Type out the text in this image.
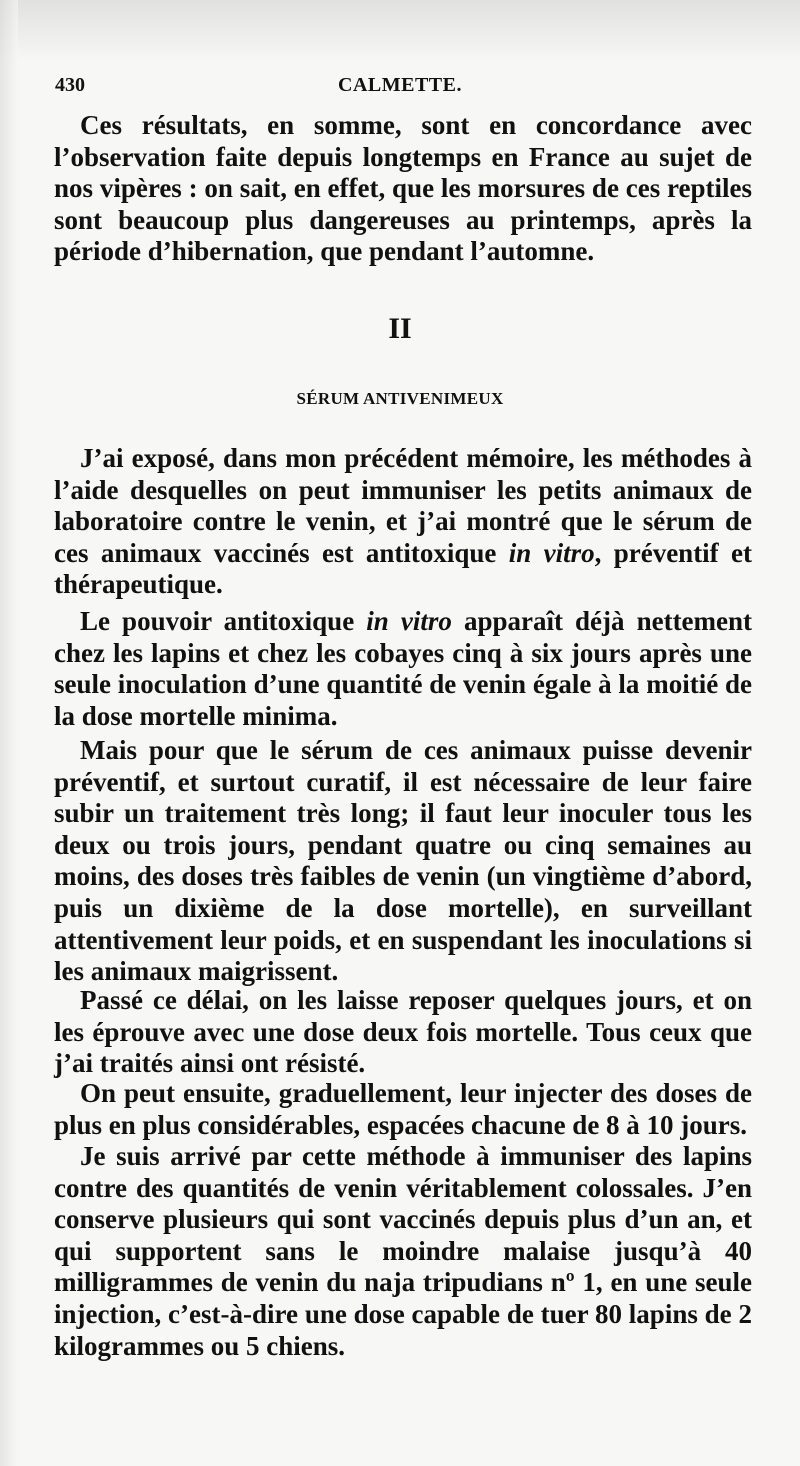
430	CALMETTE.

Ces résultats, en somme, sont en concordance avec l’observation faite depuis longtemps en France au sujet de nos vipères : on sait, en effet, que les morsures de ces reptiles sont beaucoup plus dangereuses au printemps, après la période d’hibernation, que pendant l’automne.

II
SÉRUM ANTIVENIMEUX

J’ai exposé, dans mon précédent mémoire, les méthodes à l’aide desquelles on peut immuniser les petits animaux de laboratoire contre le venin, et j’ai montré que le sérum de ces animaux vaccinés est antitoxique in vitro, préventif et thérapeutique.

Le pouvoir antitoxique in vitro apparaît déjà nettement chez les lapins et chez les cobayes cinq à six jours après une seule inoculation d’une quantité de venin égale à la moitié de la dose mortelle minima.

Mais pour que le sérum de ces animaux puisse devenir préventif, et surtout curatif, il est nécessaire de leur faire subir un traitement très long; il faut leur inoculer tous les deux ou trois jours, pendant quatre ou cinq semaines au moins, des doses très faibles de venin (un vingtième d’abord, puis un dixième de la dose mortelle), en surveillant attentivement leur poids, et en suspendant les inoculations si les animaux maigrissent.

Passé ce délai, on les laisse reposer quelques jours, et on les éprouve avec une dose deux fois mortelle. Tous ceux que j’ai traités ainsi ont résisté.

On peut ensuite, graduellement, leur injecter des doses de plus en plus considérables, espacées chacune de 8 à 10 jours.

Je suis arrivé par cette méthode à immuniser des lapins contre des quantités de venin véritablement colossales. J’en conserve plusieurs qui sont vaccinés depuis plus d’un an, et qui supportent sans le moindre malaise jusqu’à 40 milligrammes de venin du naja tripudians nº 1, en une seule injection, c’est-à-dire une dose capable de tuer 80 lapins de 2 kilogrammes ou 5 chiens.
